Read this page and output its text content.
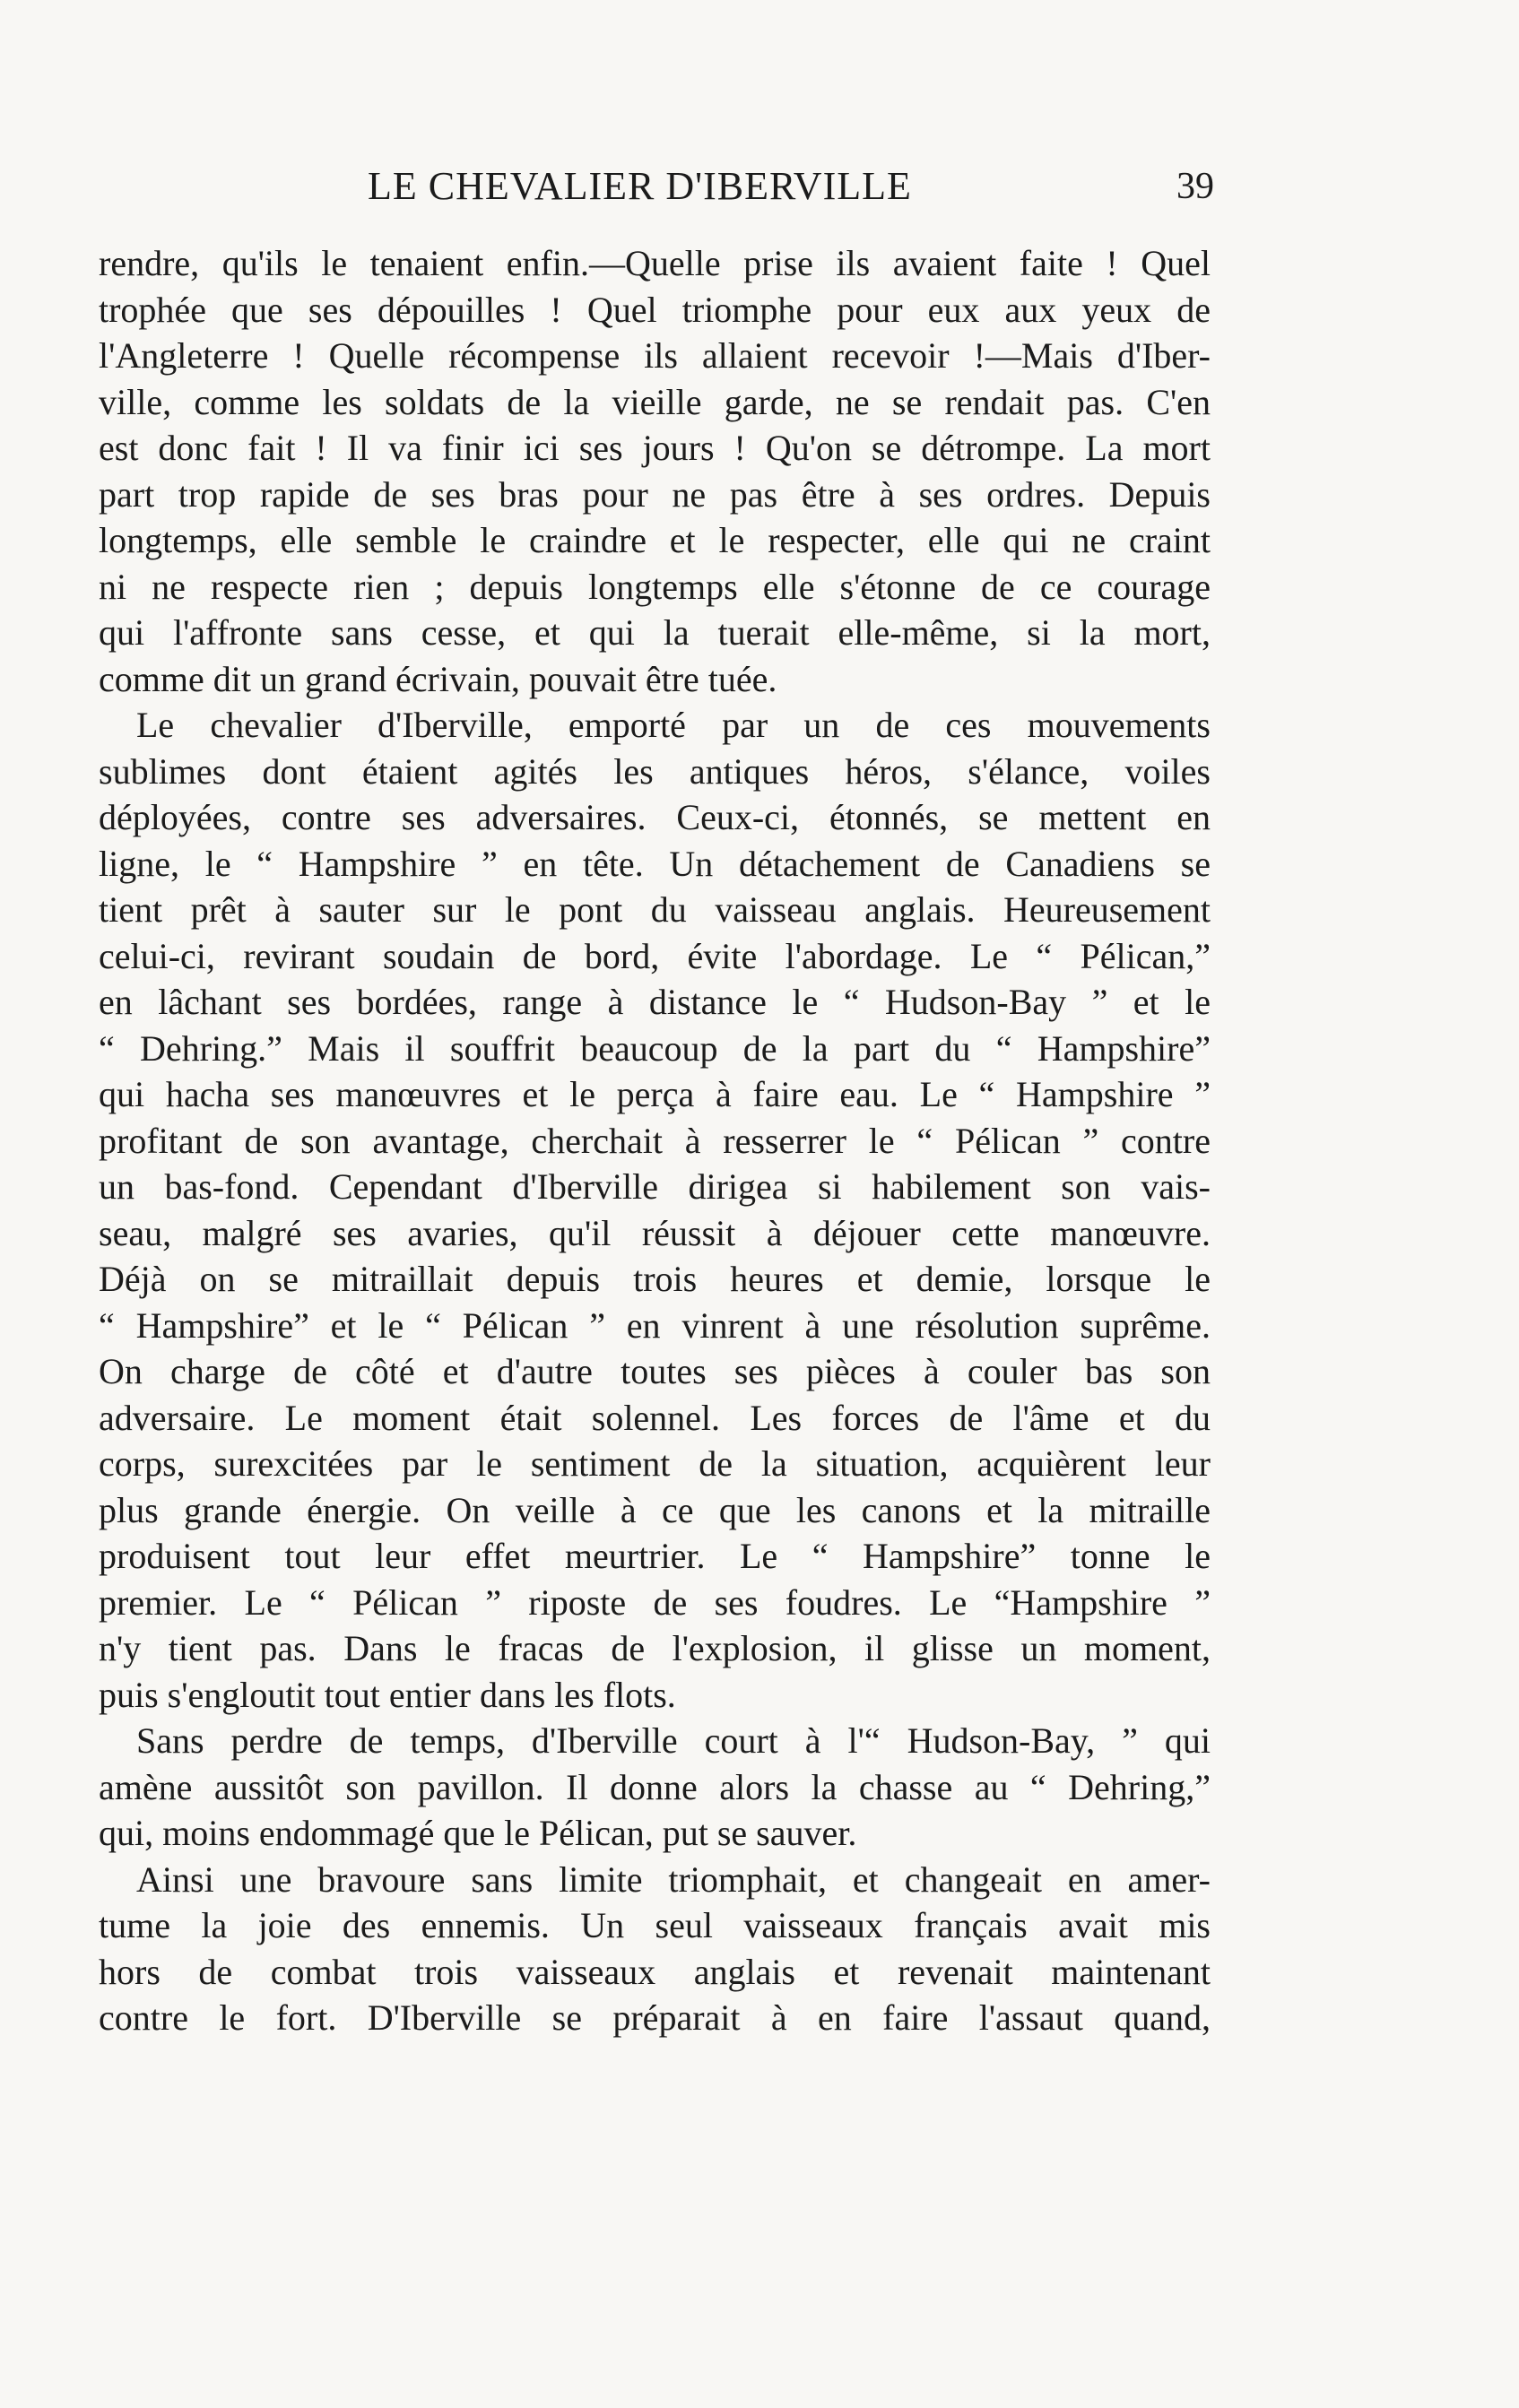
LE CHEVALIER D'IBERVILLE	39

rendre, qu'ils le tenaient enfin.—Quelle prise ils avaient faite ! Quel
trophée que ses dépouilles ! Quel triomphe pour eux aux yeux de
l'Angleterre ! Quelle récompense ils allaient recevoir !—Mais d'Iber-
ville, comme les soldats de la vieille garde, ne se rendait pas. C'en
est donc fait ! Il va finir ici ses jours ! Qu'on se détrompe. La mort
part trop rapide de ses bras pour ne pas être à ses ordres. Depuis
longtemps, elle semble le craindre et le respecter, elle qui ne craint
ni ne respecte rien ; depuis longtemps elle s'étonne de ce courage
qui l'affronte sans cesse, et qui la tuerait elle-même, si la mort,
comme dit un grand écrivain, pouvait être tuée.

Le chevalier d'Iberville, emporté par un de ces mouvements
sublimes dont étaient agités les antiques héros, s'élance, voiles
déployées, contre ses adversaires. Ceux-ci, étonnés, se mettent en
ligne, le “ Hampshire ” en tête. Un détachement de Canadiens se
tient prêt à sauter sur le pont du vaisseau anglais. Heureusement
celui-ci, revirant soudain de bord, évite l'abordage. Le “ Pélican,”
en lâchant ses bordées, range à distance le “ Hudson-Bay ” et le
“ Dehring.” Mais il souffrit beaucoup de la part du “ Hampshire”
qui hacha ses manœuvres et le perça à faire eau. Le “ Hampshire ”
profitant de son avantage, cherchait à resserrer le “ Pélican ” contre
un bas-fond. Cependant d'Iberville dirigea si habilement son vais-
seau, malgré ses avaries, qu'il réussit à déjouer cette manœuvre.
Déjà on se mitraillait depuis trois heures et demie, lorsque le
“ Hampshire” et le “ Pélican ” en vinrent à une résolution suprême.
On charge de côté et d'autre toutes ses pièces à couler bas son
adversaire. Le moment était solennel. Les forces de l'âme et du
corps, surexcitées par le sentiment de la situation, acquièrent leur
plus grande énergie. On veille à ce que les canons et la mitraille
produisent tout leur effet meurtrier. Le “ Hampshire” tonne le
premier. Le “ Pélican ” riposte de ses foudres. Le “Hampshire ”
n'y tient pas. Dans le fracas de l'explosion, il glisse un moment,
puis s'engloutit tout entier dans les flots.

Sans perdre de temps, d'Iberville court à l'“ Hudson-Bay, ” qui
amène aussitôt son pavillon. Il donne alors la chasse au “ Dehring,”
qui, moins endommagé que le Pélican, put se sauver.

Ainsi une bravoure sans limite triomphait, et changeait en amer-
tume la joie des ennemis. Un seul vaisseaux français avait mis
hors de combat trois vaisseaux anglais et revenait maintenant
contre le fort. D'Iberville se préparait à en faire l'assaut quand,
